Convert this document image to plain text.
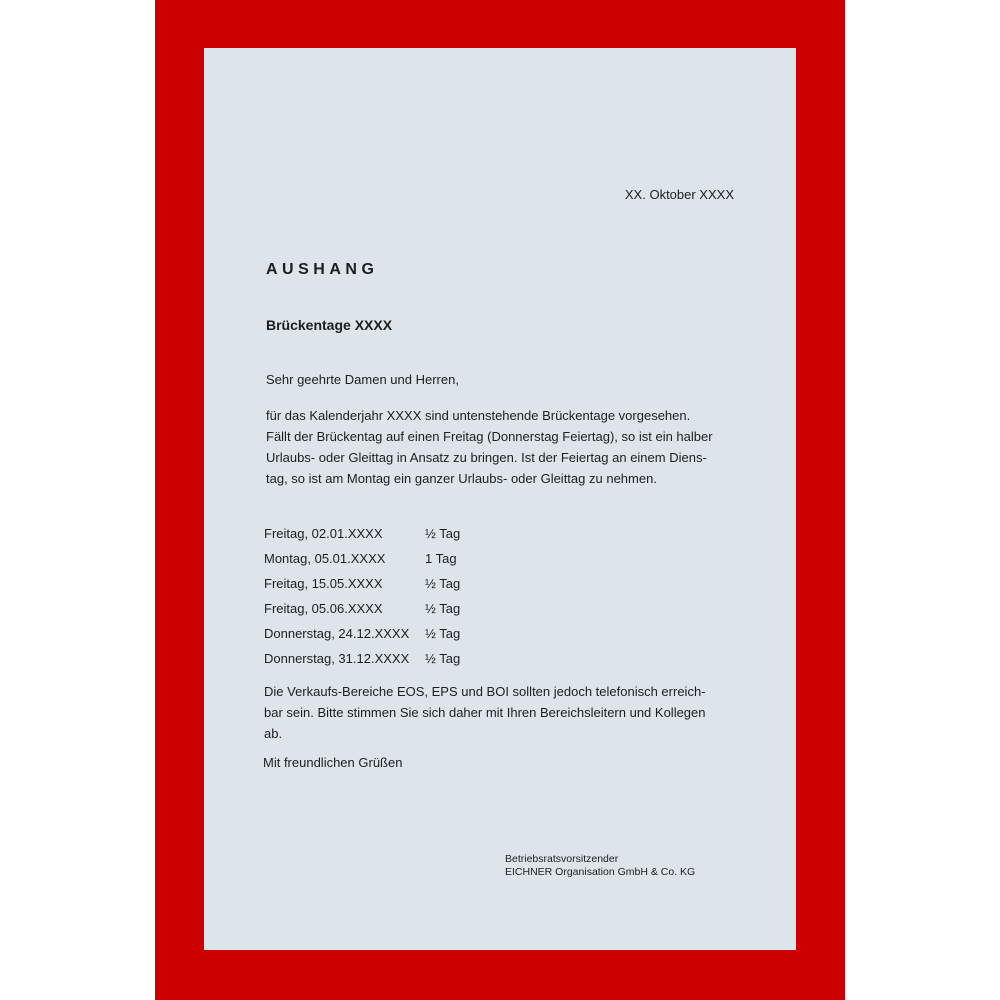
XX. Oktober XXXX
AUSHANG
Brückentage XXXX
Sehr geehrte Damen und Herren,
für das Kalenderjahr XXXX sind untenstehende Brückentage vorgesehen.
Fällt der Brückentag auf einen Freitag (Donnerstag Feiertag), so ist ein halber
Urlaubs- oder Gleittag in Ansatz zu bringen. Ist der Feiertag an einem Diens-
tag, so ist am Montag ein ganzer Urlaubs- oder Gleittag zu nehmen.
Freitag, 02.01.XXXX	½ Tag
Montag, 05.01.XXXX	1 Tag
Freitag, 15.05.XXXX	½ Tag
Freitag, 05.06.XXXX	½ Tag
Donnerstag, 24.12.XXXX ½ Tag
Donnerstag, 31.12.XXXX ½ Tag
Die Verkaufs-Bereiche EOS, EPS und BOI sollten jedoch telefonisch erreich-
bar sein. Bitte stimmen Sie sich daher mit Ihren Bereichsleitern und Kollegen
ab.
Mit freundlichen Grüßen
Betriebsratsvorsitzender
EICHNER Organisation GmbH & Co. KG
